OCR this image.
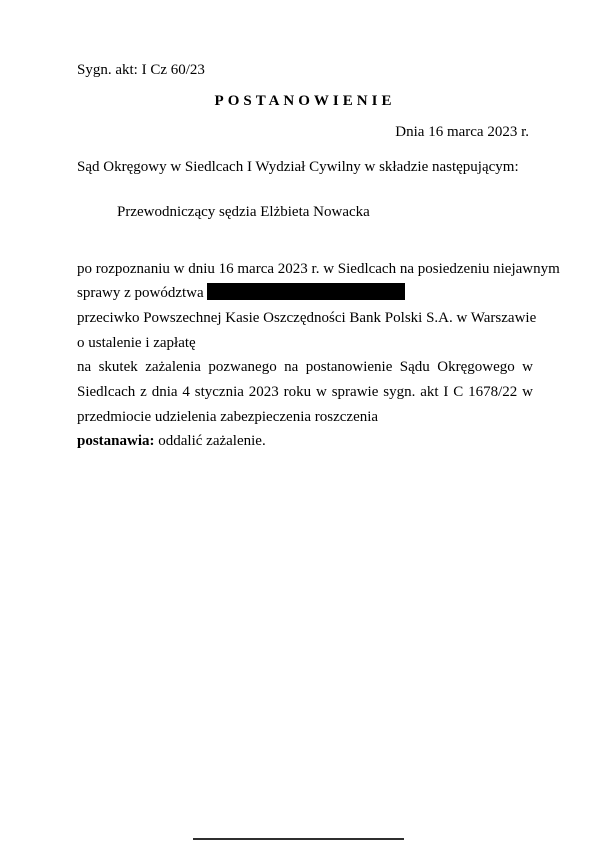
Sygn. akt: I Cz 60/23
POSTANOWIENIE
Dnia 16 marca 2023 r.
Sąd Okręgowy w Siedlcach I Wydział Cywilny w składzie następującym:
Przewodniczący sędzia Elżbieta Nowacka
po rozpoznaniu w dniu 16 marca 2023 r. w Siedlcach na posiedzeniu niejawnym
sprawy z powództwa
przeciwko Powszechnej Kasie Oszczędności Bank Polski S.A. w Warszawie
o ustalenie i zapłatę
na skutek zażalenia pozwanego na postanowienie Sądu Okręgowego w
Siedlcach z dnia 4 stycznia 2023 roku w sprawie sygn. akt I C 1678/22 w
przedmiocie udzielenia zabezpieczenia roszczenia
postanawia: oddalić zażalenie.
